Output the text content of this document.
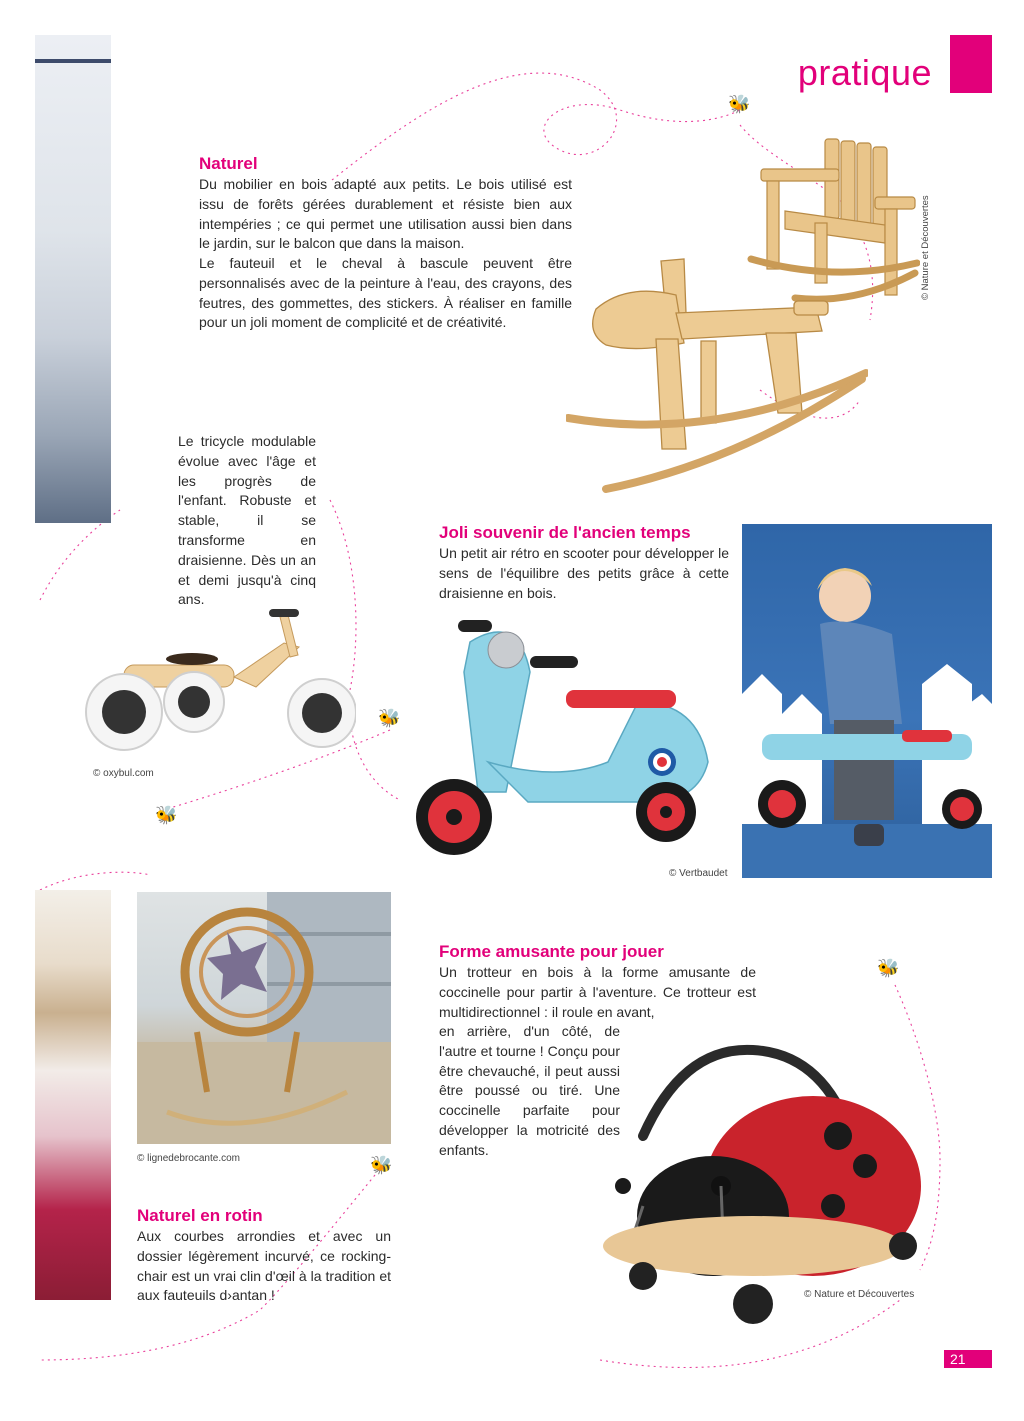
pratique
Naturel
Du mobilier en bois adapté aux petits. Le bois utilisé est issu de forêts gérées durablement et résiste bien aux intempéries ; ce qui permet une utilisation aussi bien dans le jardin, sur le balcon que dans la maison.
Le fauteuil et le cheval à bascule peuvent être personnalisés avec de la peinture à l'eau, des crayons, des feutres, des gommettes, des stickers. À réaliser en famille pour un joli moment de complicité et de créativité.
© Nature et Découvertes
Le tricycle modulable évolue avec l'âge et les progrès de l'enfant. Robuste et stable, il se transforme en draisienne. Dès un an et demi jusqu'à cinq ans.
© oxybul.com
Joli souvenir de l'ancien temps
Un petit air rétro en scooter pour développer le sens de l'équilibre des petits grâce à cette draisienne en bois.
© Vertbaudet
© lignedebrocante.com
Forme amusante pour jouer
Un trotteur en bois à la forme amusante de coccinelle pour partir à l'aventure. Ce trotteur est multidirectionnel : il roule en avant,
en arrière, d'un côté, de l'autre et tourne ! Conçu pour être chevauché, il peut aussi être poussé ou tiré. Une coccinelle parfaite pour développer la motricité des enfants.
© Nature et Découvertes
Naturel en rotin
Aux courbes arrondies et avec un dossier légèrement incurvé, ce rocking-chair est un vrai clin d'œil à la tradition et aux fauteuils d›antan !
🐝
🐝
🐝
🐝
🐝
21
